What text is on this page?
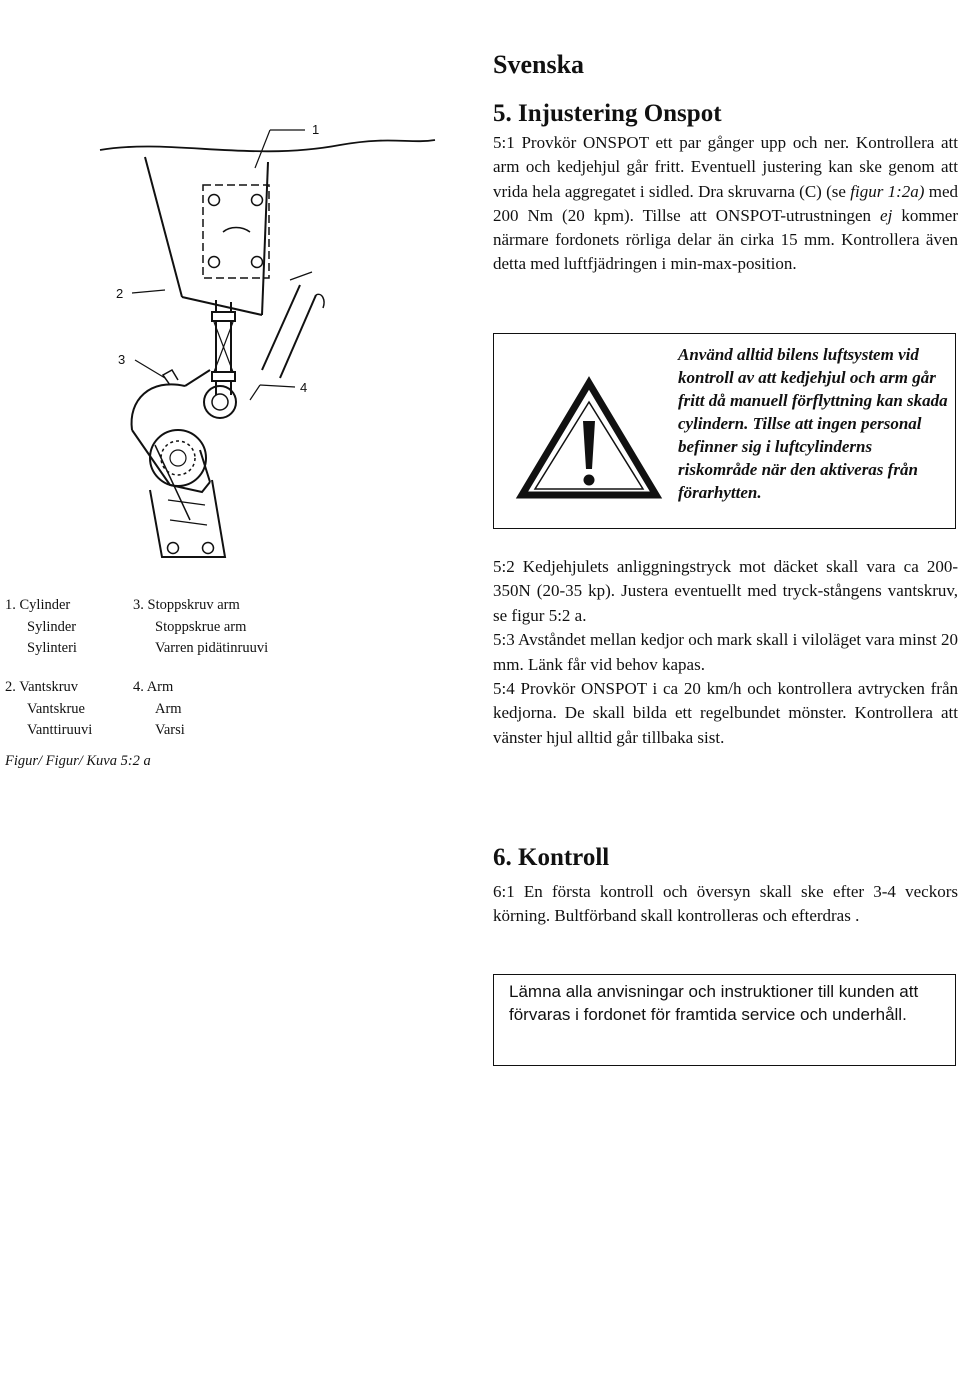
Svenska
5. Injustering Onspot
5:1 Provkör ONSPOT ett par gånger upp och ner. Kontrollera att arm och kedjehjul går fritt. Eventuell justering kan ske genom att vrida hela aggregatet i sidled. Dra skruvarna (C) (se figur 1:2a) med 200 Nm (20 kpm). Tillse att ONSPOT-utrustningen ej kommer närmare fordonets rörliga delar än cirka 15 mm. Kontrollera även detta med luftfjädringen i min-max-position.
Använd alltid bilens luftsystem vid kontroll av att kedjehjul och arm går fritt då manuell förflyttning kan skada cylindern. Tillse att ingen personal befinner sig i luftcylinderns riskområde när den aktiveras från förarhytten.
5:2 Kedjehjulets anliggningstryck mot däcket skall vara ca 200-350N (20-35 kp). Justera eventuellt med tryck-stångens vantskruv, se figur 5:2 a.
5:3 Avståndet mellan kedjor och mark skall i viloläget vara minst 20 mm. Länk får vid behov kapas.
5:4 Provkör ONSPOT i ca 20 km/h och kontrollera avtrycken från kedjorna. De skall bilda ett regelbundet mönster. Kontrollera att vänster hjul alltid går tillbaka sist.
6. Kontroll
6:1 En första kontroll och översyn skall ske efter 3-4 veckors körning. Bultförband skall kontrolleras och efterdras .
Lämna alla anvisningar och instruktioner till kunden att förvaras i fordonet för framtida service och underhåll.
1
2
3
4
1. Cylinder
Sylinder
Sylinteri
2. Vantskruv
Vantskrue
Vanttiruuvi
3. Stoppskruv arm
Stoppskrue arm
Varren pidätinruuvi
4. Arm
Arm
Varsi
Figur/ Figur/ Kuva 5:2 a
